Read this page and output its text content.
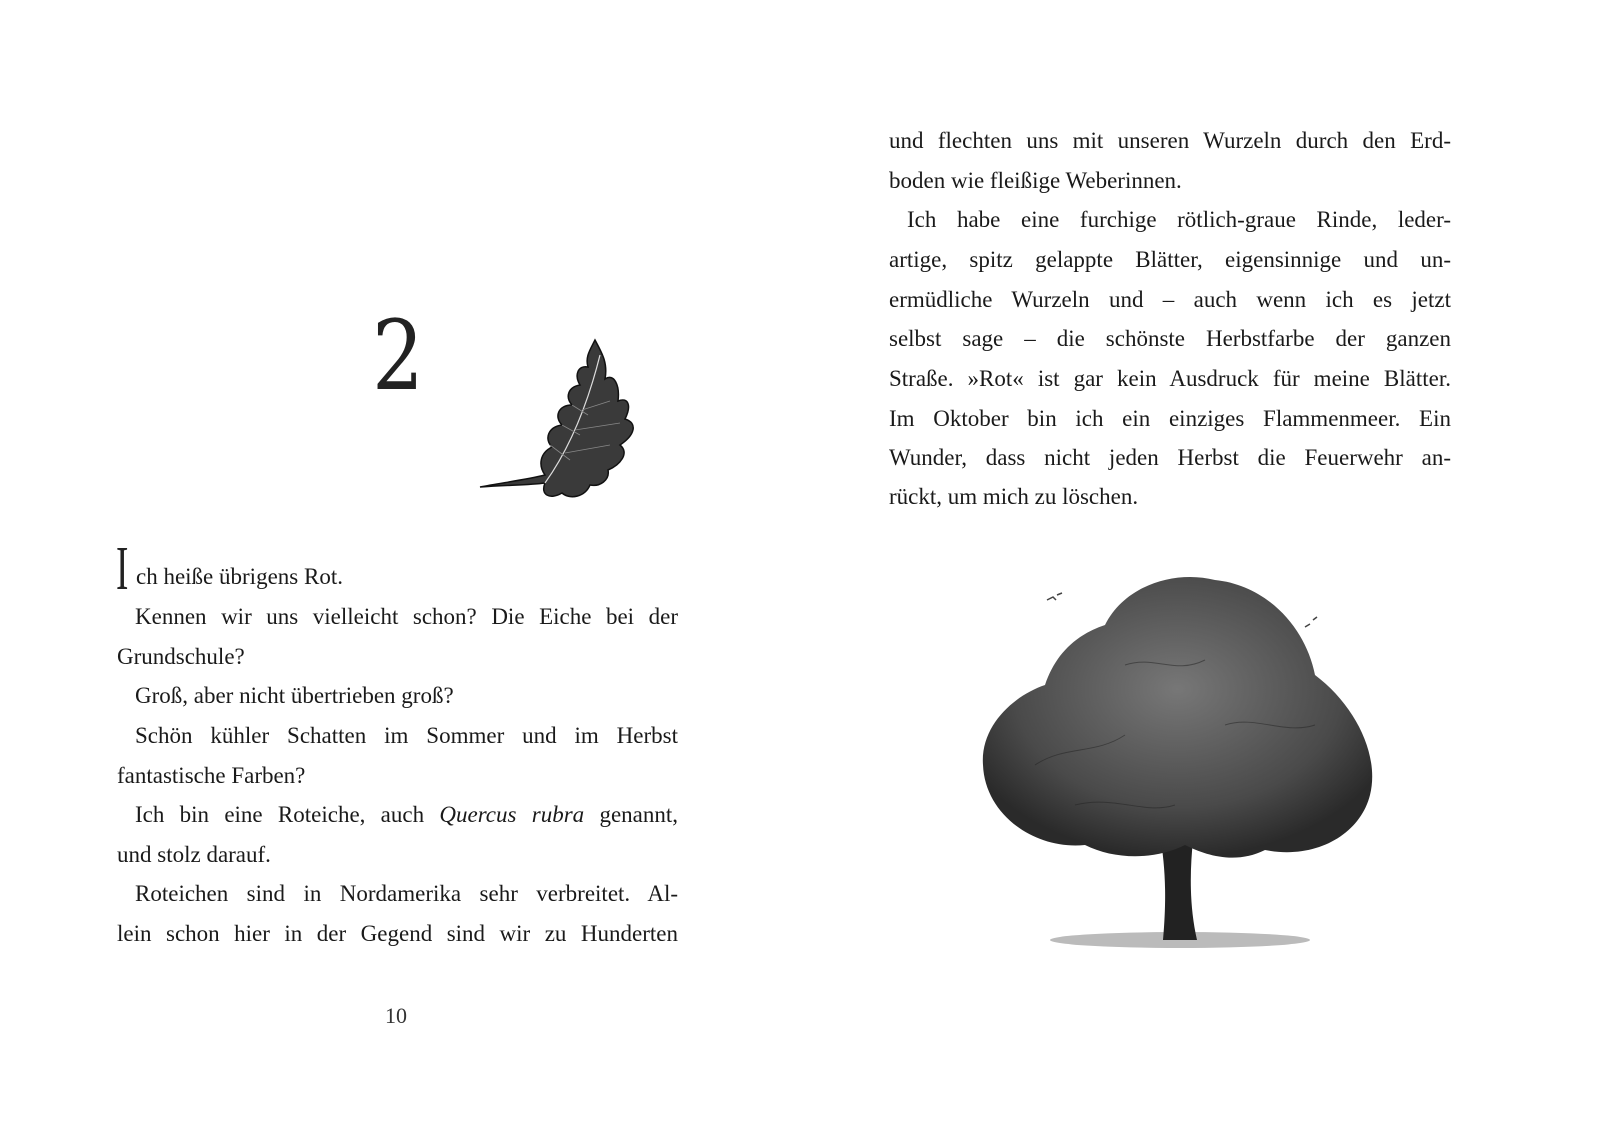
2
I ch heiße übrigens Rot.
Kennen wir uns vielleicht schon? Die Eiche bei der
Grundschule?
Groß, aber nicht übertrieben groß?
Schön kühler Schatten im Sommer und im Herbst
fantastische Farben?
Ich bin eine Roteiche, auch Quercus rubra genannt,
und stolz darauf.
Roteichen sind in Nordamerika sehr verbreitet. Al-
lein schon hier in der Gegend sind wir zu Hunderten
10
und flechten uns mit unseren Wurzeln durch den Erd-
boden wie fleißige Weberinnen.
Ich habe eine furchige rötlich-graue Rinde, leder-
artige, spitz gelappte Blätter, eigensinnige und un-
ermüdliche Wurzeln und – auch wenn ich es jetzt
selbst sage – die schönste Herbstfarbe der ganzen
Straße. »Rot« ist gar kein Ausdruck für meine Blätter.
Im Oktober bin ich ein einziges Flammenmeer. Ein
Wunder, dass nicht jeden Herbst die Feuerwehr an-
rückt, um mich zu löschen.
